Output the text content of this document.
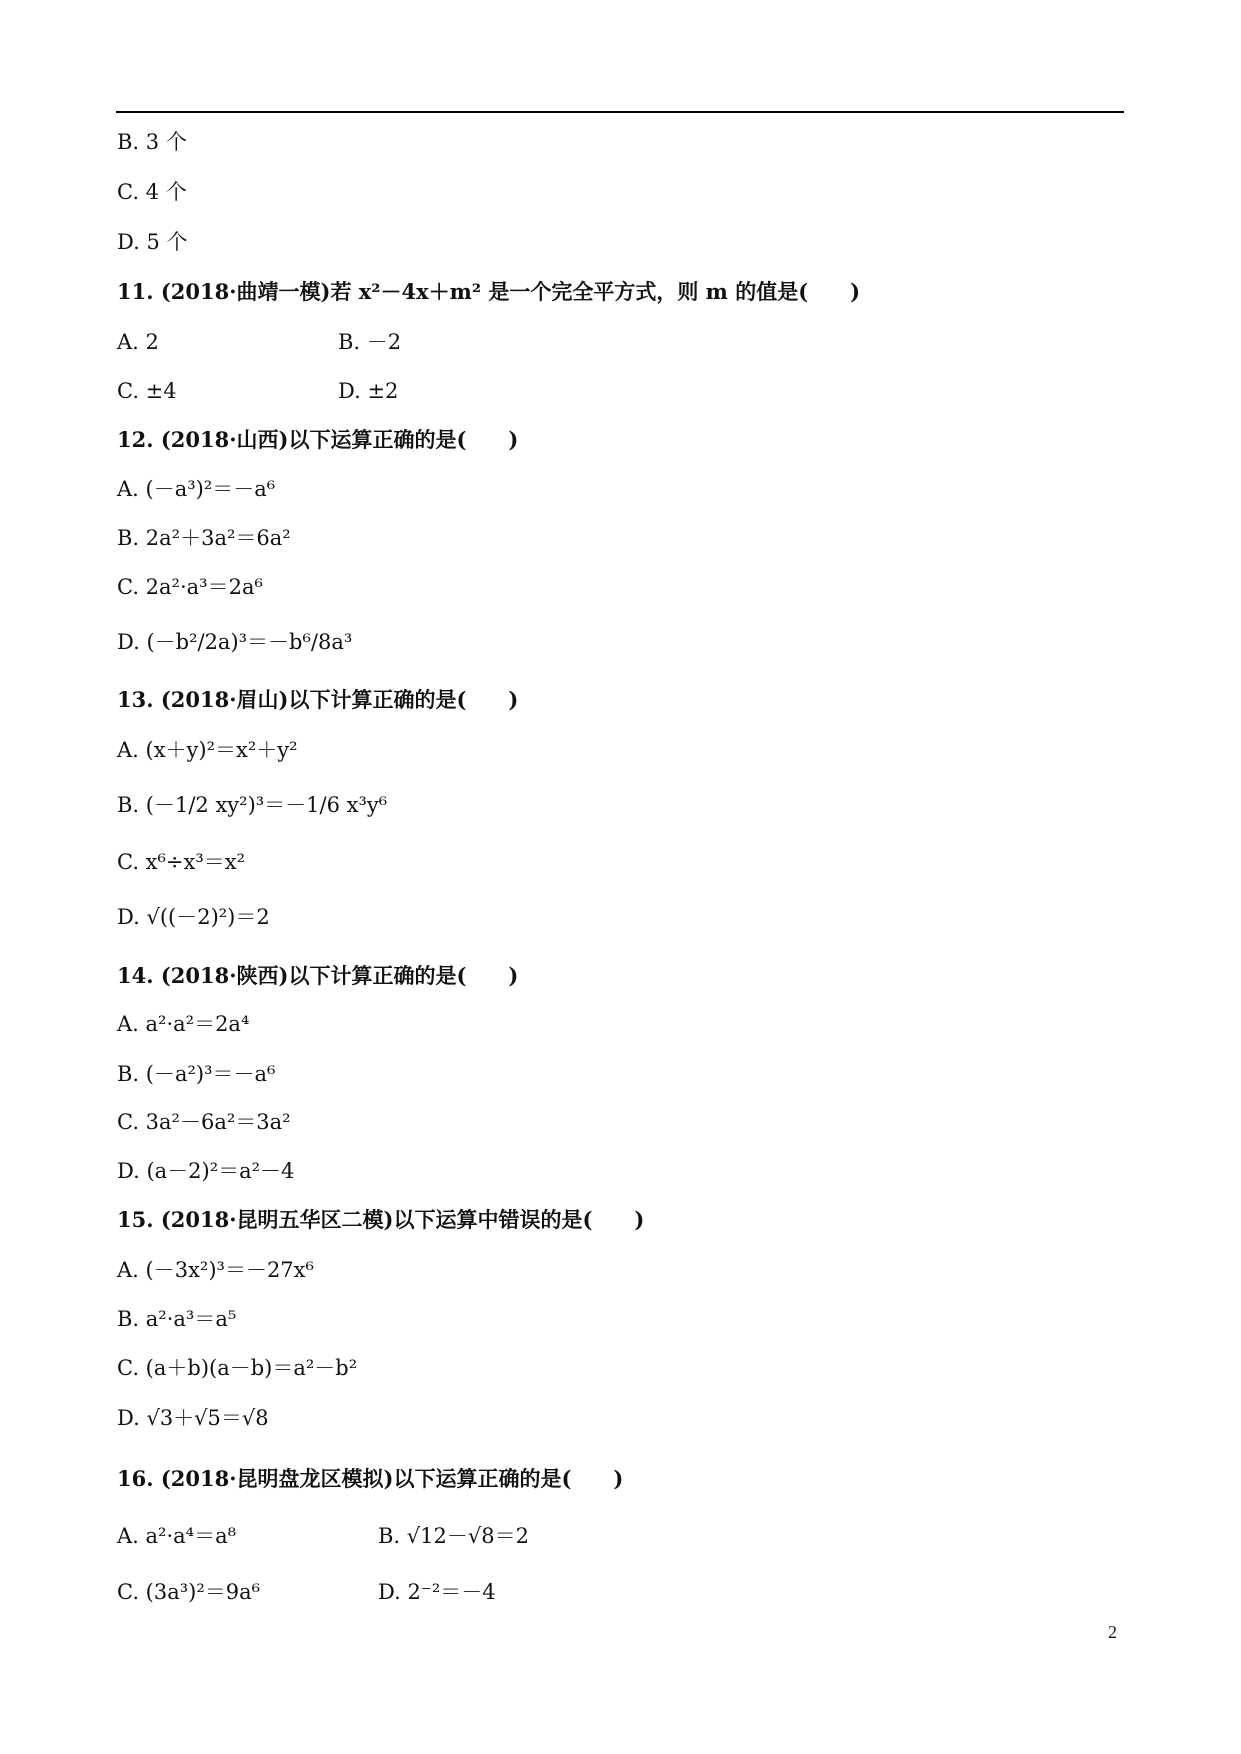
B. 3 个
C. 4 个
D. 5 个
11. (2018·曲靖一模)若 x²－4x＋m² 是一个完全平方式，则 m 的值是(　　)
A. 2	B. －2
C. ±4	D. ±2
12. (2018·山西)以下运算正确的是(　　)
A. (－a³)²＝－a⁶
B. 2a²＋3a²＝6a²
C. 2a²·a³＝2a⁶
D. (－b²/2a)³＝－b⁶/8a³
13. (2018·眉山)以下计算正确的是(　　)
A. (x＋y)²＝x²＋y²
B. (－1/2 xy²)³＝－1/6 x³y⁶
C. x⁶÷x³＝x²
D. √((－2)²)＝2
14. (2018·陕西)以下计算正确的是(　　)
A. a²·a²＝2a⁴
B. (－a²)³＝－a⁶
C. 3a²－6a²＝3a²
D. (a－2)²＝a²－4
15. (2018·昆明五华区二模)以下运算中错误的是(　　)
A. (－3x²)³＝－27x⁶
B. a²·a³＝a⁵
C. (a＋b)(a－b)＝a²－b²
D. √3＋√5＝√8
16. (2018·昆明盘龙区模拟)以下运算正确的是(　　)
A. a²·a⁴＝a⁸	B. √12－√8＝2
C. (3a³)²＝9a⁶	D. 2⁻²＝－4
2
